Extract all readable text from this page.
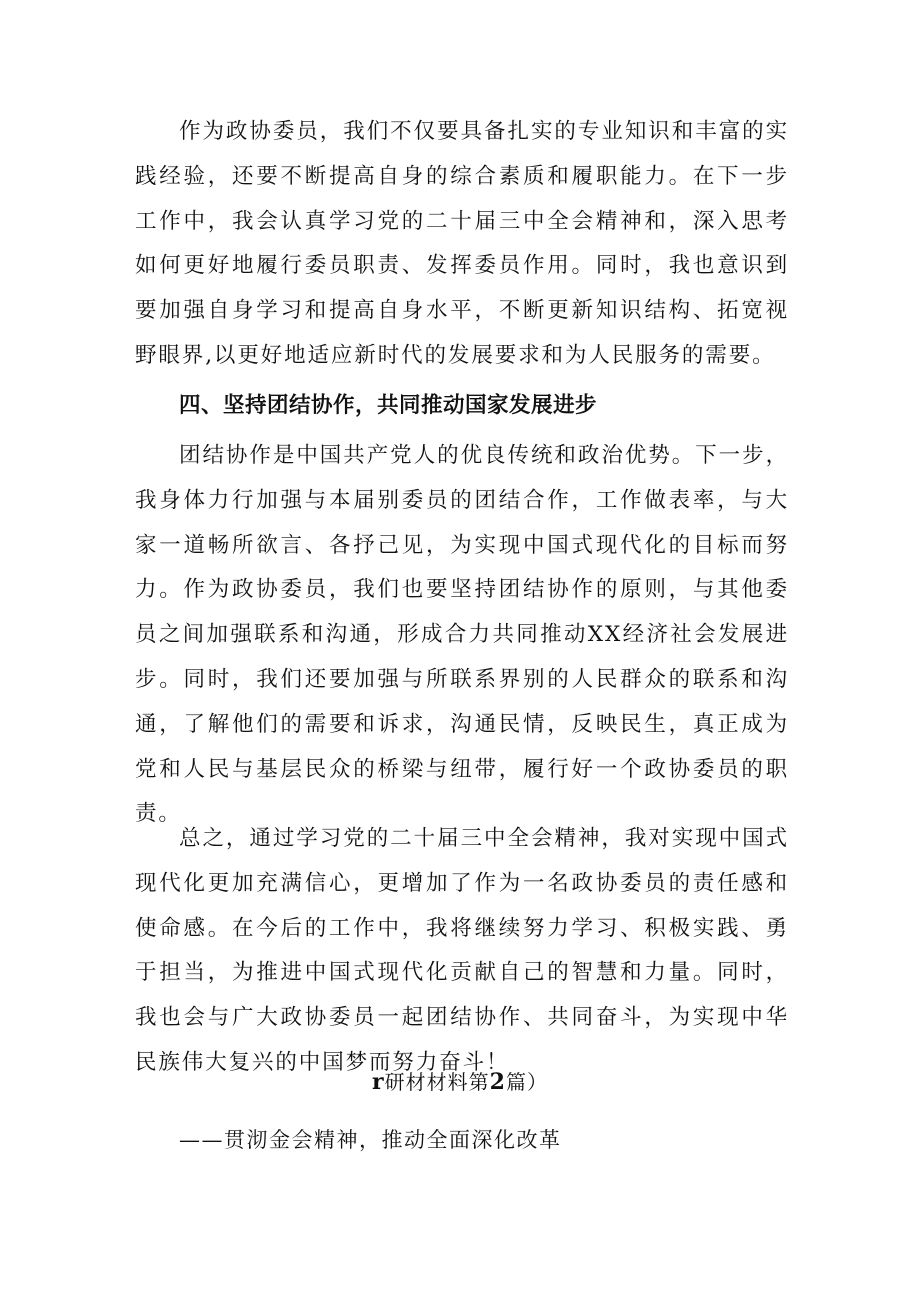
作为政协委员，我们不仅要具备扎实的专业知识和丰富的实践经验，还要不断提高自身的综合素质和履职能力。在下一步工作中，我会认真学习党的二十届三中全会精神和，深入思考如何更好地履行委员职责、发挥委员作用。同时，我也意识到要加强自身学习和提高自身水平，不断更新知识结构、拓宽视野眼界,以更好地适应新时代的发展要求和为人民服务的需要。

四、坚持团结协作，共同推动国家发展进步

团结协作是中国共产党人的优良传统和政治优势。下一步，我身体力行加强与本届别委员的团结合作，工作做表率，与大家一道畅所欲言、各抒己见，为实现中国式现代化的目标而努力。作为政协委员，我们也要坚持团结协作的原则，与其他委员之间加强联系和沟通，形成合力共同推动XX经济社会发展进步。同时，我们还要加强与所联系界别的人民群众的联系和沟通，了解他们的需要和诉求，沟通民情，反映民生，真正成为党和人民与基层民众的桥梁与纽带，履行好一个政协委员的职责。

总之，通过学习党的二十届三中全会精神，我对实现中国式现代化更加充满信心，更增加了作为一名政协委员的责任感和使命感。在今后的工作中，我将继续努力学习、积极实践、勇于担当，为推进中国式现代化贡献自己的智慧和力量。同时，我也会与广大政协委员一起团结协作、共同奋斗，为实现中华民族伟大复兴的中国梦而努力奋斗！

r研材材料第2篇）

——贯沏金会精神，推动全面深化改革
